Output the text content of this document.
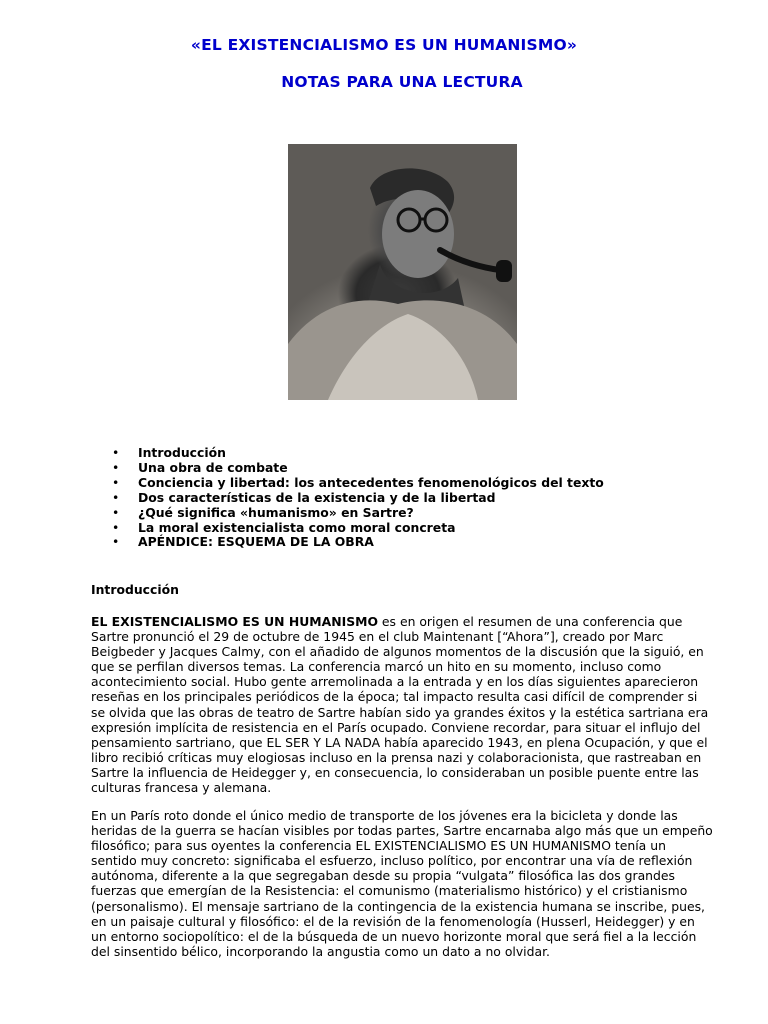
«EL EXISTENCIALISMO ES UN HUMANISMO»
NOTAS PARA UNA LECTURA
• Introducción
• Una obra de combate
• Conciencia y libertad: los antecedentes fenomenológicos del texto
• Dos características de la existencia y de la libertad
• ¿Qué significa «humanismo» en Sartre?
• La moral existencialista como moral concreta
• APÉNDICE: ESQUEMA DE LA OBRA
Introducción

EL EXISTENCIALISMO ES UN HUMANISMO es en origen el resumen de una conferencia que Sartre pronunció el 29 de octubre de 1945 en el club Maintenant [“Ahora”], creado por Marc Beigbeder y Jacques Calmy, con el añadido de algunos momentos de la discusión que la siguió, en que se perfilan diversos temas. La conferencia marcó un hito en su momento, incluso como acontecimiento social. Hubo gente arremolinada a la entrada y en los días siguientes aparecieron reseñas en los principales periódicos de la época; tal impacto resulta casi difícil de comprender si se olvida que las obras de teatro de Sartre habían sido ya grandes éxitos y la estética sartriana era expresión implícita de resistencia en el París ocupado. Conviene recordar, para situar el influjo del pensamiento sartriano, que EL SER Y LA NADA había aparecido 1943, en plena Ocupación, y que el libro recibió críticas muy elogiosas incluso en la prensa nazi y colaboracionista, que rastreaban en Sartre la influencia de Heidegger y, en consecuencia, lo consideraban un posible puente entre las culturas francesa y alemana.

En un París roto donde el único medio de transporte de los jóvenes era la bicicleta y donde las heridas de la guerra se hacían visibles por todas partes, Sartre encarnaba algo más que un empeño filosófico; para sus oyentes la conferencia EL EXISTENCIALISMO ES UN HUMANISMO tenía un sentido muy concreto: significaba el esfuerzo, incluso político, por encontrar una vía de reflexión autónoma, diferente a la que segregaban desde su propia “vulgata” filosófica las dos grandes fuerzas que emergían de la Resistencia: el comunismo (materialismo histórico) y el cristianismo (personalismo). El mensaje sartriano de la contingencia de la existencia humana se inscribe, pues, en un paisaje cultural y filosófico: el de la revisión de la fenomenología (Husserl, Heidegger) y en un entorno sociopolítico: el de la búsqueda de un nuevo horizonte moral que será fiel a la lección del sinsentido bélico, incorporando la angustia como un dato a no olvidar.
